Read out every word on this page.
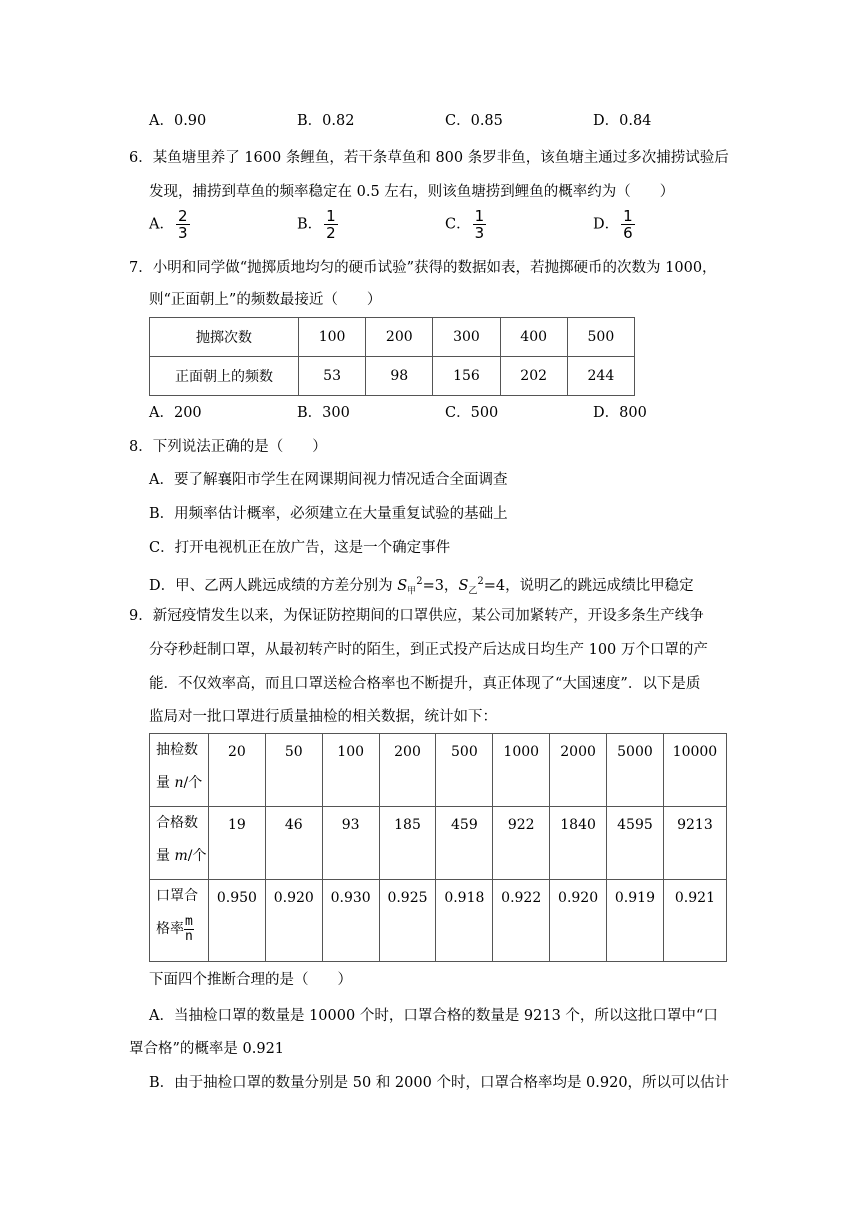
A．0.90	B．0.82	C．0.85	D．0.84
6．某鱼塘里养了 1600 条鲤鱼，若干条草鱼和 800 条罗非鱼，该鱼塘主通过多次捕捞试验后
发现，捕捞到草鱼的频率稳定在 0.5 左右，则该鱼塘捞到鲤鱼的概率约为（　　）
A． $\frac{2}{3}$	B． $\frac{1}{2}$	C． $\frac{1}{3}$	D． $\frac{1}{6}$
7．小明和同学做“抛掷质地均匀的硬币试验”获得的数据如表，若抛掷硬币的次数为 1000，
则“正面朝上”的频数最接近（　　）
抛掷次数	100	200	300	400	500
正面朝上的频数	53	98	156	202	244
A．200	B．300	C．500	D．800
8．下列说法正确的是（　　）
A．要了解襄阳市学生在网课期间视力情况适合全面调查
B．用频率估计概率，必须建立在大量重复试验的基础上
C．打开电视机正在放广告，这是一个确定事件
D．甲、乙两人跳远成绩的方差分别为 $S_甲^2=3$，$S_乙^2=4$，说明乙的跳远成绩比甲稳定
9．新冠疫情发生以来，为保证防控期间的口罩供应，某公司加紧转产，开设多条生产线争
分夺秒赶制口罩，从最初转产时的陌生，到正式投产后达成日均生产 100 万个口罩的产
能．不仅效率高，而且口罩送检合格率也不断提升，真正体现了“大国速度”．以下是质
监局对一批口罩进行质量抽检的相关数据，统计如下：
抽检数
量 n/个	20	50	100	200	500	1000	2000	5000	10000

合格数
量 m/个	19	46	93	185	459	922	1840	4595	9213

口罩合
格率 $\frac{m}{n}$	0.950	0.920	0.930	0.925	0.918	0.922	0.920	0.919	0.921
下面四个推断合理的是（　　）
A．当抽检口罩的数量是 10000 个时，口罩合格的数量是 9213 个，所以这批口罩中“口
罩合格”的概率是 0.921
B．由于抽检口罩的数量分别是 50 和 2000 个时，口罩合格率均是 0.920，所以可以估计
